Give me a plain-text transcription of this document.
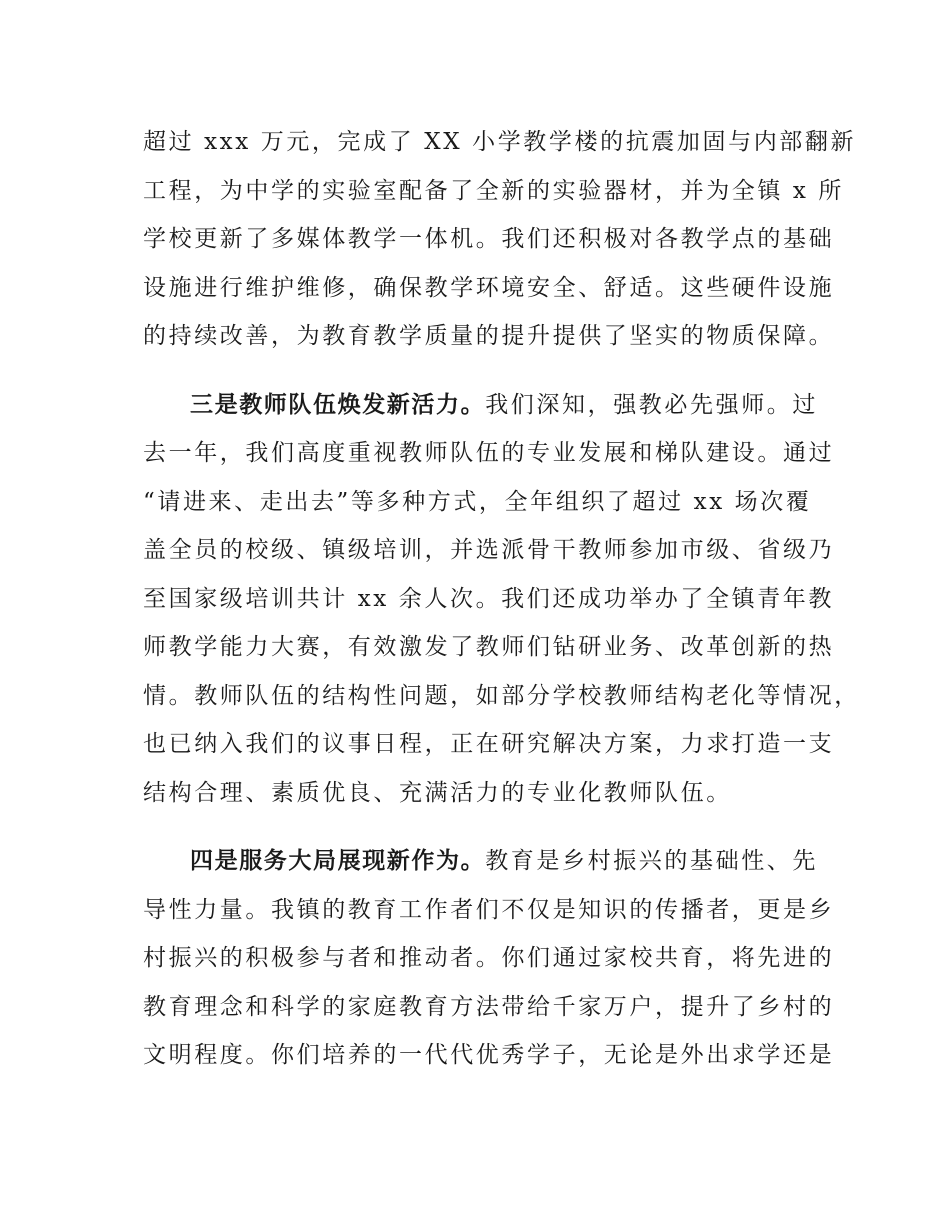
超过 xxx 万元，完成了 XX 小学教学楼的抗震加固与内部翻新
工程，为中学的实验室配备了全新的实验器材，并为全镇 x 所
学校更新了多媒体教学一体机。我们还积极对各教学点的基础
设施进行维护维修，确保教学环境安全、舒适。这些硬件设施
的持续改善，为教育教学质量的提升提供了坚实的物质保障。
三是教师队伍焕发新活力。我们深知，强教必先强师。过
去一年，我们高度重视教师队伍的专业发展和梯队建设。通过
“请进来、走出去”等多种方式，全年组织了超过 xx 场次覆
盖全员的校级、镇级培训，并选派骨干教师参加市级、省级乃
至国家级培训共计 xx 余人次。我们还成功举办了全镇青年教
师教学能力大赛，有效激发了教师们钻研业务、改革创新的热
情。教师队伍的结构性问题，如部分学校教师结构老化等情况，
也已纳入我们的议事日程，正在研究解决方案，力求打造一支
结构合理、素质优良、充满活力的专业化教师队伍。
四是服务大局展现新作为。教育是乡村振兴的基础性、先
导性力量。我镇的教育工作者们不仅是知识的传播者，更是乡
村振兴的积极参与者和推动者。你们通过家校共育，将先进的
教育理念和科学的家庭教育方法带给千家万户，提升了乡村的
文明程度。你们培养的一代代优秀学子，无论是外出求学还是
